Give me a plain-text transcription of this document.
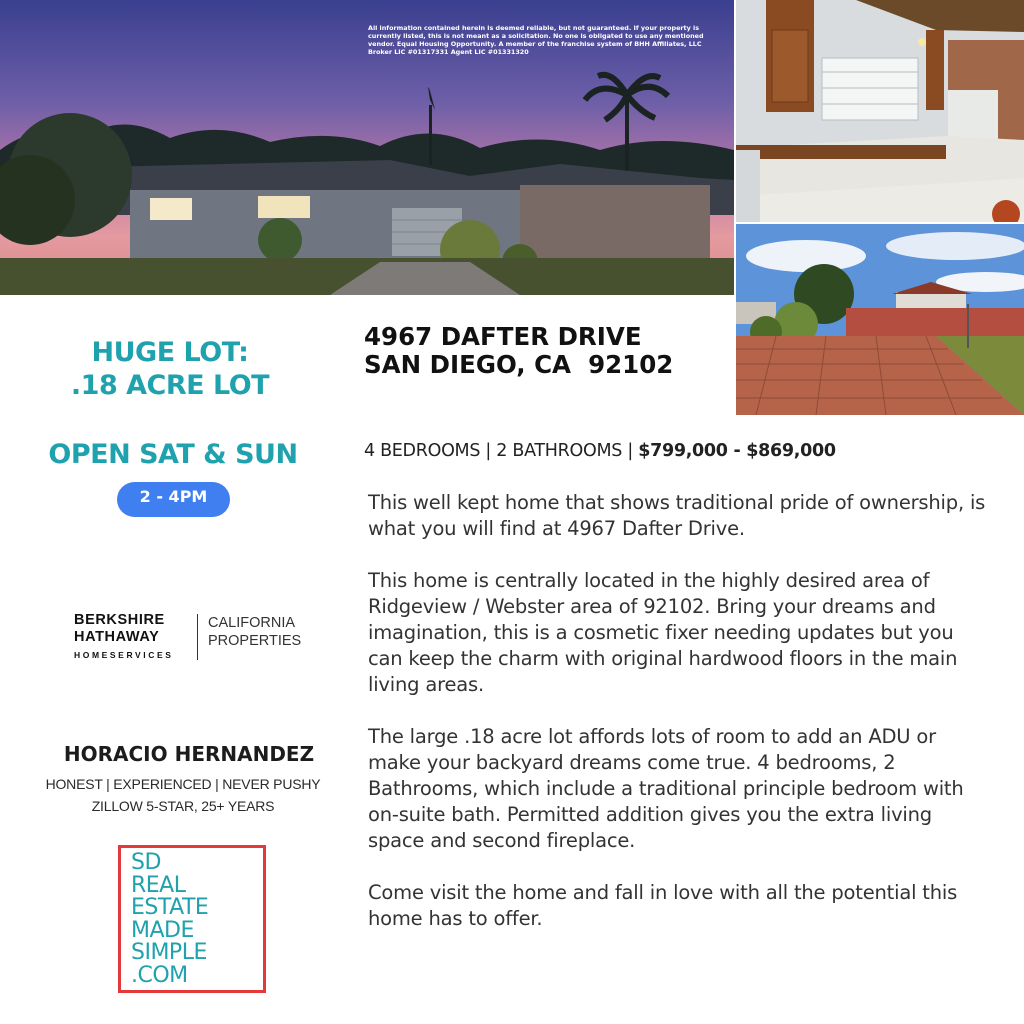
All information contained herein is deemed reliable, but not guaranteed. If your property is currently listed, this is not meant as a solicitation. No one is obligated to use any mentioned vendor. Equal Housing Opportunity. A member of the franchise system of BHH Affiliates, LLC Broker LIC #01317331 Agent LIC #01331320

HUGE LOT:
.18 ACRE LOT
OPEN SAT & SUN
2 - 4PM
BERKSHIRE
HATHAWAY
HOMESERVICES
CALIFORNIA
PROPERTIES

HORACIO HERNANDEZ

HONEST | EXPERIENCED | NEVER PUSHY

ZILLOW 5-STAR, 25+ YEARS

SD
REAL
ESTATE
MADE
SIMPLE
.COM

4967 DAFTER DRIVE
SAN DIEGO, CA  92102

4 BEDROOMS | 2 BATHROOMS | $799,000 - $869,000

This well kept home that shows traditional pride of ownership, is what you will find at 4967 Dafter Drive.

This home is centrally located in the highly desired area of Ridgeview / Webster area of 92102. Bring your dreams and imagination, this is a cosmetic fixer needing updates but you can keep the charm with original hardwood floors in the main living areas.

The large .18 acre lot affords lots of room to add an ADU or make your backyard dreams come true. 4 bedrooms, 2 Bathrooms, which include a traditional principle bedroom with on-suite bath. Permitted addition gives you the extra living space and second fireplace.

Come visit the home and fall in love with all the potential this home has to offer.
